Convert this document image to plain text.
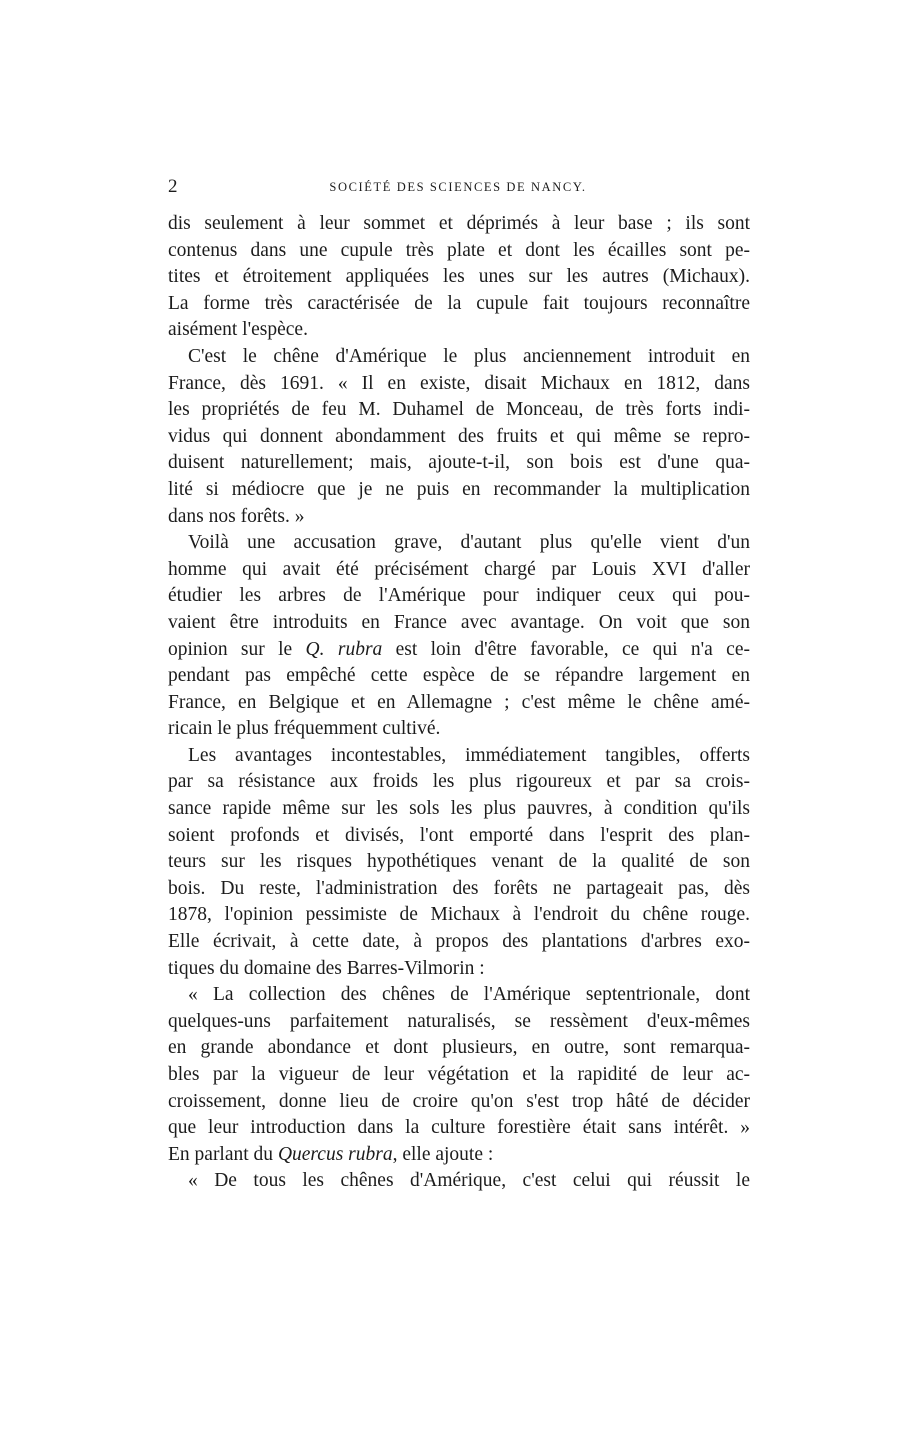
2	SOCIÉTÉ DES SCIENCES DE NANCY.
dis seulement à leur sommet et déprimés à leur base ; ils sont
contenus dans une cupule très plate et dont les écailles sont pe-
tites et étroitement appliquées les unes sur les autres (Michaux).
La forme très caractérisée de la cupule fait toujours reconnaître
aisément l'espèce.
C'est le chêne d'Amérique le plus anciennement introduit en
France, dès 1691. « Il en existe, disait Michaux en 1812, dans
les propriétés de feu M. Duhamel de Monceau, de très forts indi-
vidus qui donnent abondamment des fruits et qui même se repro-
duisent naturellement; mais, ajoute-t-il, son bois est d'une qua-
lité si médiocre que je ne puis en recommander la multiplication
dans nos forêts. »
Voilà une accusation grave, d'autant plus qu'elle vient d'un
homme qui avait été précisément chargé par Louis XVI d'aller
étudier les arbres de l'Amérique pour indiquer ceux qui pou-
vaient être introduits en France avec avantage. On voit que son
opinion sur le Q. rubra est loin d'être favorable, ce qui n'a ce-
pendant pas empêché cette espèce de se répandre largement en
France, en Belgique et en Allemagne ; c'est même le chêne amé-
ricain le plus fréquemment cultivé.
Les avantages incontestables, immédiatement tangibles, offerts
par sa résistance aux froids les plus rigoureux et par sa crois-
sance rapide même sur les sols les plus pauvres, à condition qu'ils
soient profonds et divisés, l'ont emporté dans l'esprit des plan-
teurs sur les risques hypothétiques venant de la qualité de son
bois. Du reste, l'administration des forêts ne partageait pas, dès
1878, l'opinion pessimiste de Michaux à l'endroit du chêne rouge.
Elle écrivait, à cette date, à propos des plantations d'arbres exo-
tiques du domaine des Barres-Vilmorin :
« La collection des chênes de l'Amérique septentrionale, dont
quelques-uns parfaitement naturalisés, se ressèment d'eux-mêmes
en grande abondance et dont plusieurs, en outre, sont remarqua-
bles par la vigueur de leur végétation et la rapidité de leur ac-
croissement, donne lieu de croire qu'on s'est trop hâté de décider
que leur introduction dans la culture forestière était sans intérêt. »
En parlant du Quercus rubra, elle ajoute :
« De tous les chênes d'Amérique, c'est celui qui réussit le
